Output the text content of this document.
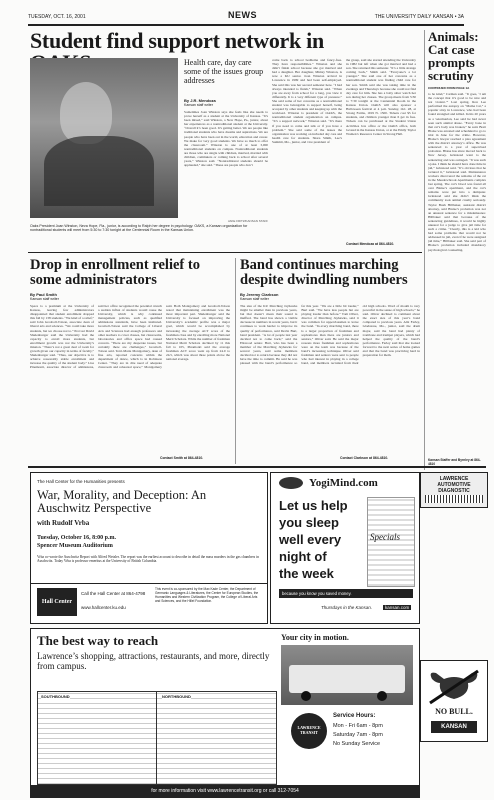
TUESDAY, OCT. 16, 2001	NEWS	THE UNIVERSITY DAILY KANSAN • 3A
Student find support network in
JAKE FRITZ/KANSAN STAFF
Oaks President Joan Winston, Neva Hope, Fla., junior, is according to Ralph her degree in psychology. OAKS, a Kansan organization for nontraditional students will meet from 5:30 to 7:30 tonight at the Centennial Room in the Kansas Union.
Health care, day care some of the issues group addresses
By J.R. Mendoza
Kansan staff writer
Sometimes Joan Winston says she feels like she needs to prove herself as a student at the University of Kansas. “It’s been mixed,” said Winston, a New Hope, Pa., junior, about her experiences as a nontraditional student at the University. “Overall it’s been good. It’s getting better. We are people like traditional students who have dreams and aspirations. We are people who have been out in the world, education and career. We make for very good students. We have so much to offer the classroom.” Winston is one of at least 3,000 nontraditional students on campus. Nontraditional students are those who are single with children, married, married with children, commuters or coming back to school after several years,” Winston said. “Nontraditional students should be applauded,” she said. “These are people who don’t
come back to school bedhome and fancy-free. They have responsibilities.” Winston and she didn’t finish school because she got married and had a daughter. Her daughter, Mimsy Winston, is now a KU senior. Joan Winston arrived in Lawrence in 1999 and had been self-employed. She said this was her second semester here. “I had always intended to finish,” Winston said. “When you are away from school for a long, you view it differently. It is a very different type of pressure.” She said some of her concerns as a nontraditional student was belongable to support herself, being accepted by other students and keeping up with the workload. Winston is president of OAKS, the nontraditional student organization on campus. “It’s a support network,” Winston said. “It’s there if you need to come and talk or if you have a problem.” She said some of the issues the organization was working on included day care and health care for students. Shara Smith, Lee’s Summit, Mo., junior, and vice president of
the group, said she started attending the University in 1982 but left when she got married and had a son. She returned this semester. “It’s a little strange coming back,” Smith said. “Everyone’s a lot younger.” She said one of her concerns as a nontraditional student was finding child care for her son. Smith said she was taking time in the evenings and Thursdays because she could not find day care for him. She has a baby sitter watch her son during her classes. The group meets from 5:30 to 7:30 tonight at the Centennial Room in the Kansas Union. OAKS will also sponsor a Halloween festival at 4 p.m. Sunday, Oct. 28, at Strong Farms, 1919 N. 1500. Tickets cost $5 for students, and children younger than 6 get in free. Tickets can be purchased at the Student Union Activities box office or the OAKS office, both located in the Kansas Union, or at the Emily Taylor Women’s Resource Center in Strong Hall.
Contact Mendoza at 864-4810.
Animals: Cat case prompts scrutiny
CONTINUED FROM PAGE 1A
to be kind,” Carman said. “It goes, ‘I am the concept that it’s good to be nice and not violent.’” Last spring, Ron Lee performed the autopsy on “Mama Cat,” a popular stray in Lawrence, who had been found strangled and killed. In his 20 years as a veterinarian, Lee said he had never seen such animal abuse. “Every bone in that cat’s body was broken,” he said. Brett Blaise was arrested and scheduled to go to trial in June for the crime. However, Blaise’s lawyer reached a plea agreement with the district attorney’s office. He was sentenced to a year of supervised probation. Blaise has since moved back to New Jersey. Grinstead went to the sentencing and was outraged. “It was such a joke. I think he should have done time in jail,” Grinstead said. “It’s obvious that he tortured it,” Grinstead said. Maintenance workers discovered the remains of the cat in the Meadowbrook Apartments complex last spring. The cat’s blood was found all over Blaise’s apartment, and the cat’s remains were put into a dumpster. Grinstead said she didn’t think the community took animal cruelty seriously. Taylor Bush Hillbaker, assistant district attorney, said Blaise’s probation was not an unusual sentence for a misdemeanor. Hillbaker said that because of the sentencing guidelines, it would be highly unusual for a judge to give jail time for such a crime. “Clearly, this is a kid who had some problems that would not be addressed in jail, even if he were assigned jail time,” Hillbaker said. She said part of Blaise’s probation included mandatory psychological counseling.
Kansan Staffer and Byrnley at 864-4810
Drop in enrollment relief to some administrators
By Paul Smith
Kansan staff writer
Space is a premium at the University of Kansas, leaving few administrators disappointed that student enrollment dropped this fall by 138 students. “We kind of a relief,” said John Grosboll-Tolson, associate dean of liberal arts and sciences. “We could take more students, but we choose not to.” Provost David Shulenburger said the University had the capacity to enroll more students, but enrollment growth was not the University’s mission. “There’s not a great deal of room for growth given our capacity in terms of faculty,” Shulenburger said. “Thus, our objective is to achieve reasonably stable enrollment and increase the quality of the student body.” Lisa Pinamonti, associate director of admissions, said her office recognized the potential crunch a sudden influx of students would cause the University, which is why continued management policies, such as qualified admissions standards, have been instituted. Grosboll-Tolson said the College of Liberal Arts and Sciences had enough professors and other teachers to cover classes, but classrooms, laboratories and office space had caused concern. “There are my desperate issues, but certainly there are challenges,” Grosboll-Tolson said. Terri-Marie Montgomery, dean of fine arts, reported concerns within the department of dance, which is in Robinson Center. “They are in dire need of adequate classroom and rehearsal space,” Montgomery said. Both Montgomery and Grosboll-Tolson noted that maintaining enrollment was the most important part. Shulenburger said the University is focused on improving the University’s academic profile was a major goal, which would be accomplished by increasing the average ACT score of the freshman class and by enrolling more National Merit Scholars. While the number of freshmen National Merit Scholars declined by 11 this fall to 105, Pinamonti said the average freshman ACT score went up from 24.0 to 24.5, which was about three points above the national average.
Contact Smith at 864-4810.
Band continues marching despite dwindling numbers
By Jeremy Clarkson
Kansan staff writer
The size of the KU Marching Jayhawks might be smaller than in previous years, but that doesn’t mean their sound is muffled. The band has shown a visible decrease in numbers in recent years, but it continues to work harder to improve its quality of performance, said Devin Burt, band president. “A lot of people last year decided not to come back,” said the Elkwood senior. Burt, who has been a member of the Marching Jayhawks for several years, said some members decided not to return because they did not have the time to commit. He said he was pleased with the band’s performance so far this year. “We are a little bit louder,” Burt said. “We have less people but are playing louder than before.” Tom Oliver, director of Marching Jayhawks, said it was common for upperclassmen to leave the band. “In every marching band, there is a larger proportion of freshmen and sophomores than there are juniors and seniors,” Oliver said. He said the major reasons more freshmen and sophomores were on the team was because of the band’s increasing technique. Oliver said freshmen and seniors were sent to people who had interest in playing in a college band, and members recruited from their old high schools. Word of mouth is very powerful in the sense of high schools,” he said. Oliver declined to comment about the exact size of this year’s band compared to previous years. Alix Farley, Gladstone, Mo., junior, said the drum major, said the band had plenty of trombone and trumpet players, which had helped the quality of the band’s performance. Farley said that she looked forward to the next series of home games and that the band was practicing hard in preparation for them.
Contact Clarkson at 864-4810.
The Hall Center for the Humanities presents
War, Morality, and Deception: An Auschwitz Perspective
with Rudolf Vrba
Tuesday, October 16, 8:00 p.m.
Spencer Museum Auditorium
Vrba co-wrote the Auschwitz Report with Alfred Wetzler. The report was the earliest account to describe in detail the mass murders in the gas chambers in Auschwitz. Today Vrba is professor emeritus at the University of British Columbia.
Hall Center
Call the Hall Center at 864-4798
www.hallcenter.ku.edu
This event is co-sponsored by the Max Kade Center, the Department of Germanic Languages & Literatures, the Center for European Studies, the Humanities and Western Civilization Program, the College of Liberal Arts and Sciences, and the Hillel Foundation.
LAWRENCE AUTOMOTIVE DIAGNOSTIC
YogiMind.com
Let us help
you sleep
well every
night of
the week
Specials
because you know you saved money.
Thursdays in the Kansan.	kansan.com
The best way to reach
Lawrence’s shopping, attractions, restaurants, and more, directly from campus.
Your city in motion.
SOUTHBOUND	NORTHBOUND
LAWRENCE TRANSIT
Service Hours:
Mon - Fri 6am - 8pm
Saturday 7am - 8pm
No Sunday Service
for more information visit www.lawrencetransit.org or call 312-7054
NO BULL.
KANSAN
